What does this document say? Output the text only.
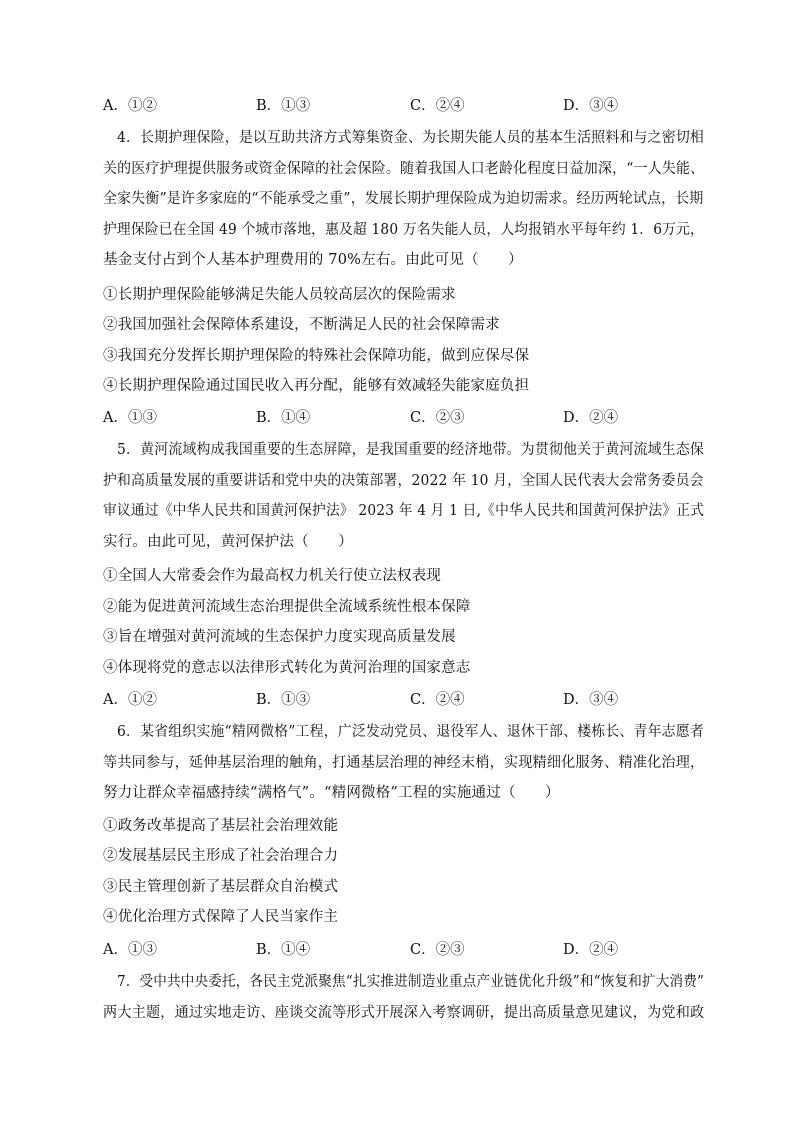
A．①②	B．①③	C．②④	D．③④
4．长期护理保险，是以互助共济方式筹集资金、为长期失能人员的基本生活照料和与之密切相
关的医疗护理提供服务或资金保障的社会保险。随着我国人口老龄化程度日益加深，“一人失能、
全家失衡”是许多家庭的“不能承受之重”，发展长期护理保险成为迫切需求。经历两轮试点，长期
护理保险已在全国 49 个城市落地，惠及超 180 万名失能人员，人均报销水平每年约 1．6万元，
基金支付占到个人基本护理费用的 70%左右。由此可见（　　）
①长期护理保险能够满足失能人员较高层次的保险需求
②我国加强社会保障体系建设，不断满足人民的社会保障需求
③我国充分发挥长期护理保险的特殊社会保障功能，做到应保尽保
④长期护理保险通过国民收入再分配，能够有效减轻失能家庭负担
A．①③	B．①④	C．②③	D．②④
5．黄河流域构成我国重要的生态屏障，是我国重要的经济地带。为贯彻他关于黄河流域生态保
护和高质量发展的重要讲话和党中央的决策部署，2022 年 10 月，全国人民代表大会常务委员会
审议通过《中华人民共和国黄河保护法》 2023 年 4 月 1 日,《中华人民共和国黄河保护法》正式
实行。由此可见，黄河保护法（　　）
①全国人大常委会作为最高权力机关行使立法权表现
②能为促进黄河流域生态治理提供全流域系统性根本保障
③旨在增强对黄河流域的生态保护力度实现高质量发展
④体现将党的意志以法律形式转化为黄河治理的国家意志
A．①②	B．①③	C．②④	D．③④
6．某省组织实施“精网微格”工程，广泛发动党员、退役军人、退休干部、楼栋长、青年志愿者
等共同参与，延伸基层治理的触角，打通基层治理的神经末梢，实现精细化服务、精准化治理，
努力让群众幸福感持续“满格气”。“精网微格”工程的实施通过（　　）
①政务改革提高了基层社会治理效能
②发展基层民主形成了社会治理合力
③民主管理创新了基层群众自治模式
④优化治理方式保障了人民当家作主
A．①③	B．①④	C．②③	D．②④
7．受中共中央委托，各民主党派聚焦“扎实推进制造业重点产业链优化升级”和“恢复和扩大消费”
两大主题，通过实地走访、座谈交流等形式开展深入考察调研，提出高质量意见建议，为党和政
